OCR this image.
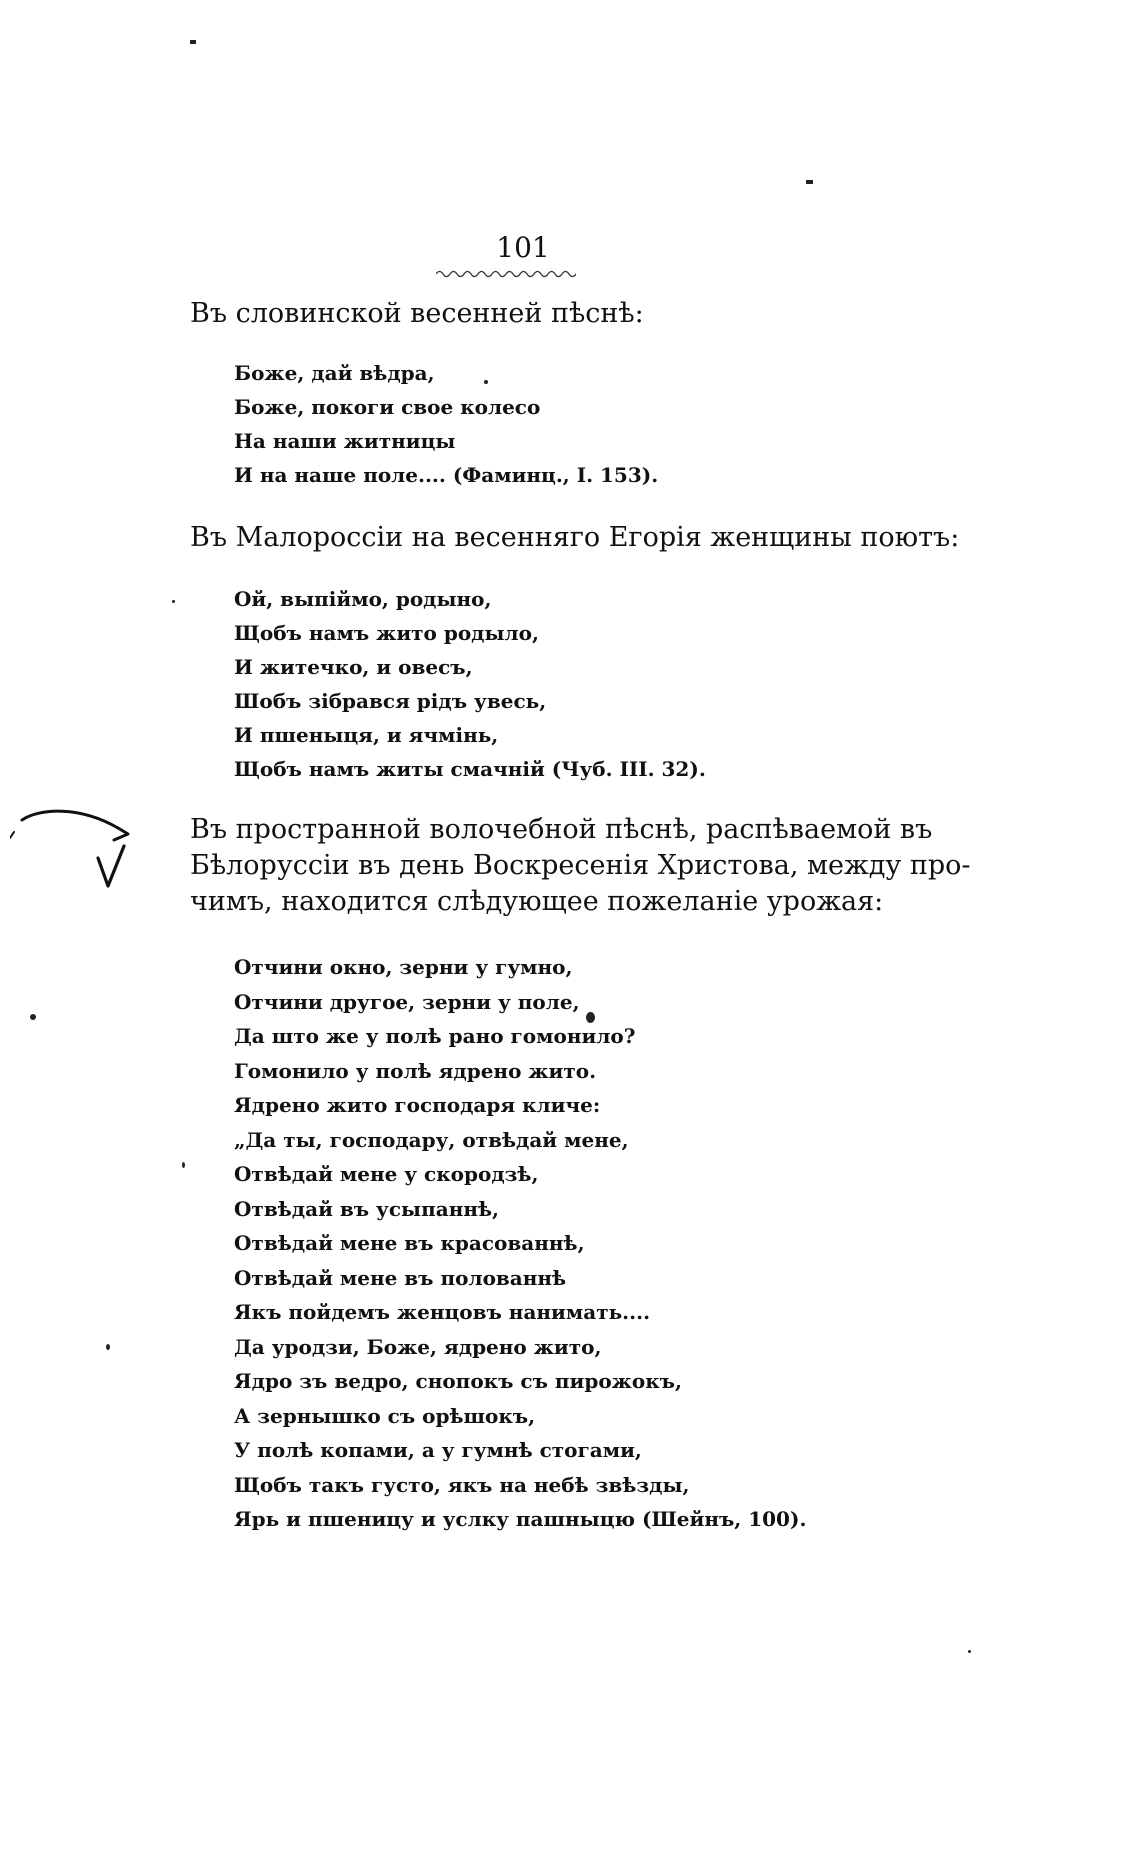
101
Въ словинской весенней пѣснѣ:
Боже, дай вѣдра,
Боже, покоги свое колесо
На наши житницы
И на наше поле.... (Фаминц., I. 153).
Въ Малороссіи на весенняго Егорія женщины поютъ:
Ой, выпіймо, родыно,
Щобъ намъ жито родыло,
И житечко, и овесъ,
Шобъ зібрався рідъ увесь,
И пшеныця, и ячмінь,
Щобъ намъ житы смачній (Чуб. III. 32).
Въ пространной волочебной пѣснѣ, распѣваемой въ
Бѣлоруссіи въ день Воскресенія Христова, между про-
чимъ, находится слѣдующее пожеланіе урожая:
Отчини окно, зерни у гумно,
Отчини другое, зерни у поле,
Да што же у полѣ рано гомонило?
Гомонило у полѣ ядрено жито.
Ядрено жито господаря кличе:
„Да ты, господару, отвѣдай мене,
Отвѣдай мене у скородзѣ,
Отвѣдай въ усыпаннѣ,
Отвѣдай мене въ красованнѣ,
Отвѣдай мене въ полованнѣ
Якъ пойдемъ женцовъ нанимать....
Да уродзи, Боже, ядрено жито,
Ядро зъ ведро, снопокъ съ пирожокъ,
А зернышко съ орѣшокъ,
У полѣ копами, а у гумнѣ стогами,
Щобъ такъ густо, якъ на небѣ звѣзды,
Ярь и пшеницу и услку пашныцю (Шейнъ, 100).
